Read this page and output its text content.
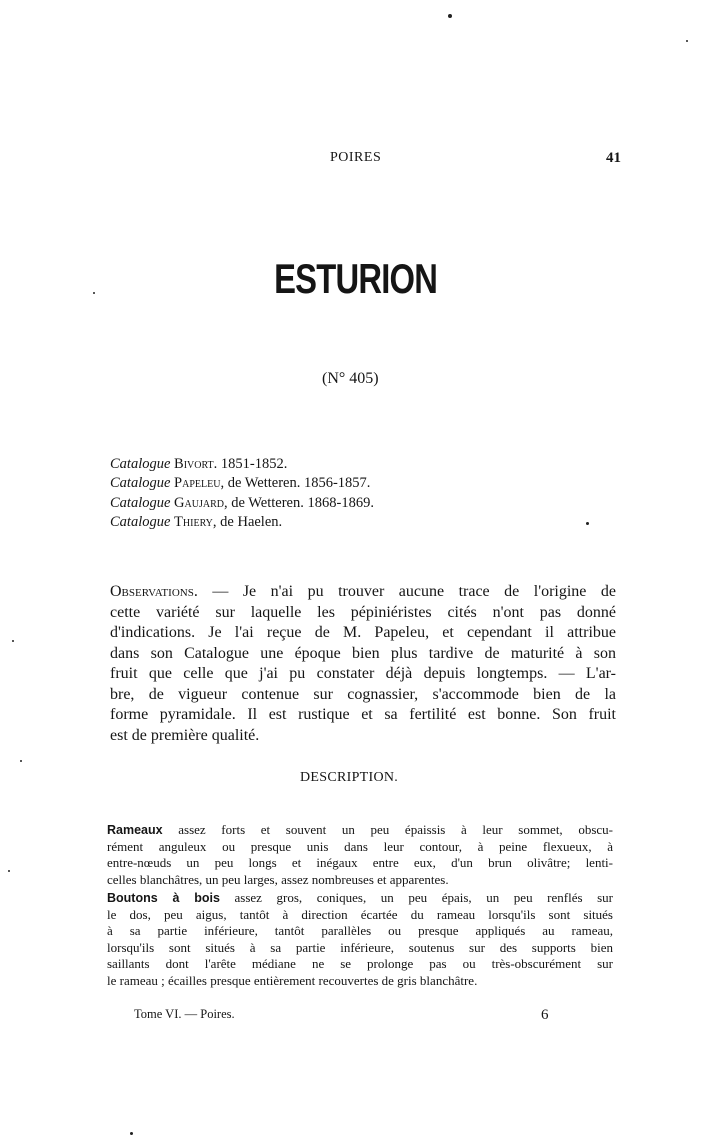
POIRES	41
ESTURION
(N° 405)
Catalogue Bivort. 1851-1852.
Catalogue Papeleu, de Wetteren. 1856-1857.
Catalogue Gaujard, de Wetteren. 1868-1869.
Catalogue Thiery, de Haelen.
Observations. — Je n'ai pu trouver aucune trace de l'origine de
cette variété sur laquelle les pépiniéristes cités n'ont pas donné
d'indications. Je l'ai reçue de M. Papeleu, et cependant il attribue
dans son Catalogue une époque bien plus tardive de maturité à son
fruit que celle que j'ai pu constater déjà depuis longtemps. — L'ar-
bre, de vigueur contenue sur cognassier, s'accommode bien de la
forme pyramidale. Il est rustique et sa fertilité est bonne. Son fruit
est de première qualité.
DESCRIPTION.
Rameaux assez forts et souvent un peu épaissis à leur sommet, obscu-
rément anguleux ou presque unis dans leur contour, à peine flexueux, à
entre-nœuds un peu longs et inégaux entre eux, d'un brun olivâtre; lenti-
celles blanchâtres, un peu larges, assez nombreuses et apparentes.
Boutons à bois assez gros, coniques, un peu épais, un peu renflés sur
le dos, peu aigus, tantôt à direction écartée du rameau lorsqu'ils sont situés
à sa partie inférieure, tantôt parallèles ou presque appliqués au rameau,
lorsqu'ils sont situés à sa partie inférieure, soutenus sur des supports bien
saillants dont l'arête médiane ne se prolonge pas ou très-obscurément sur
le rameau ; écailles presque entièrement recouvertes de gris blanchâtre.
Tome VI. — Poires.	6
